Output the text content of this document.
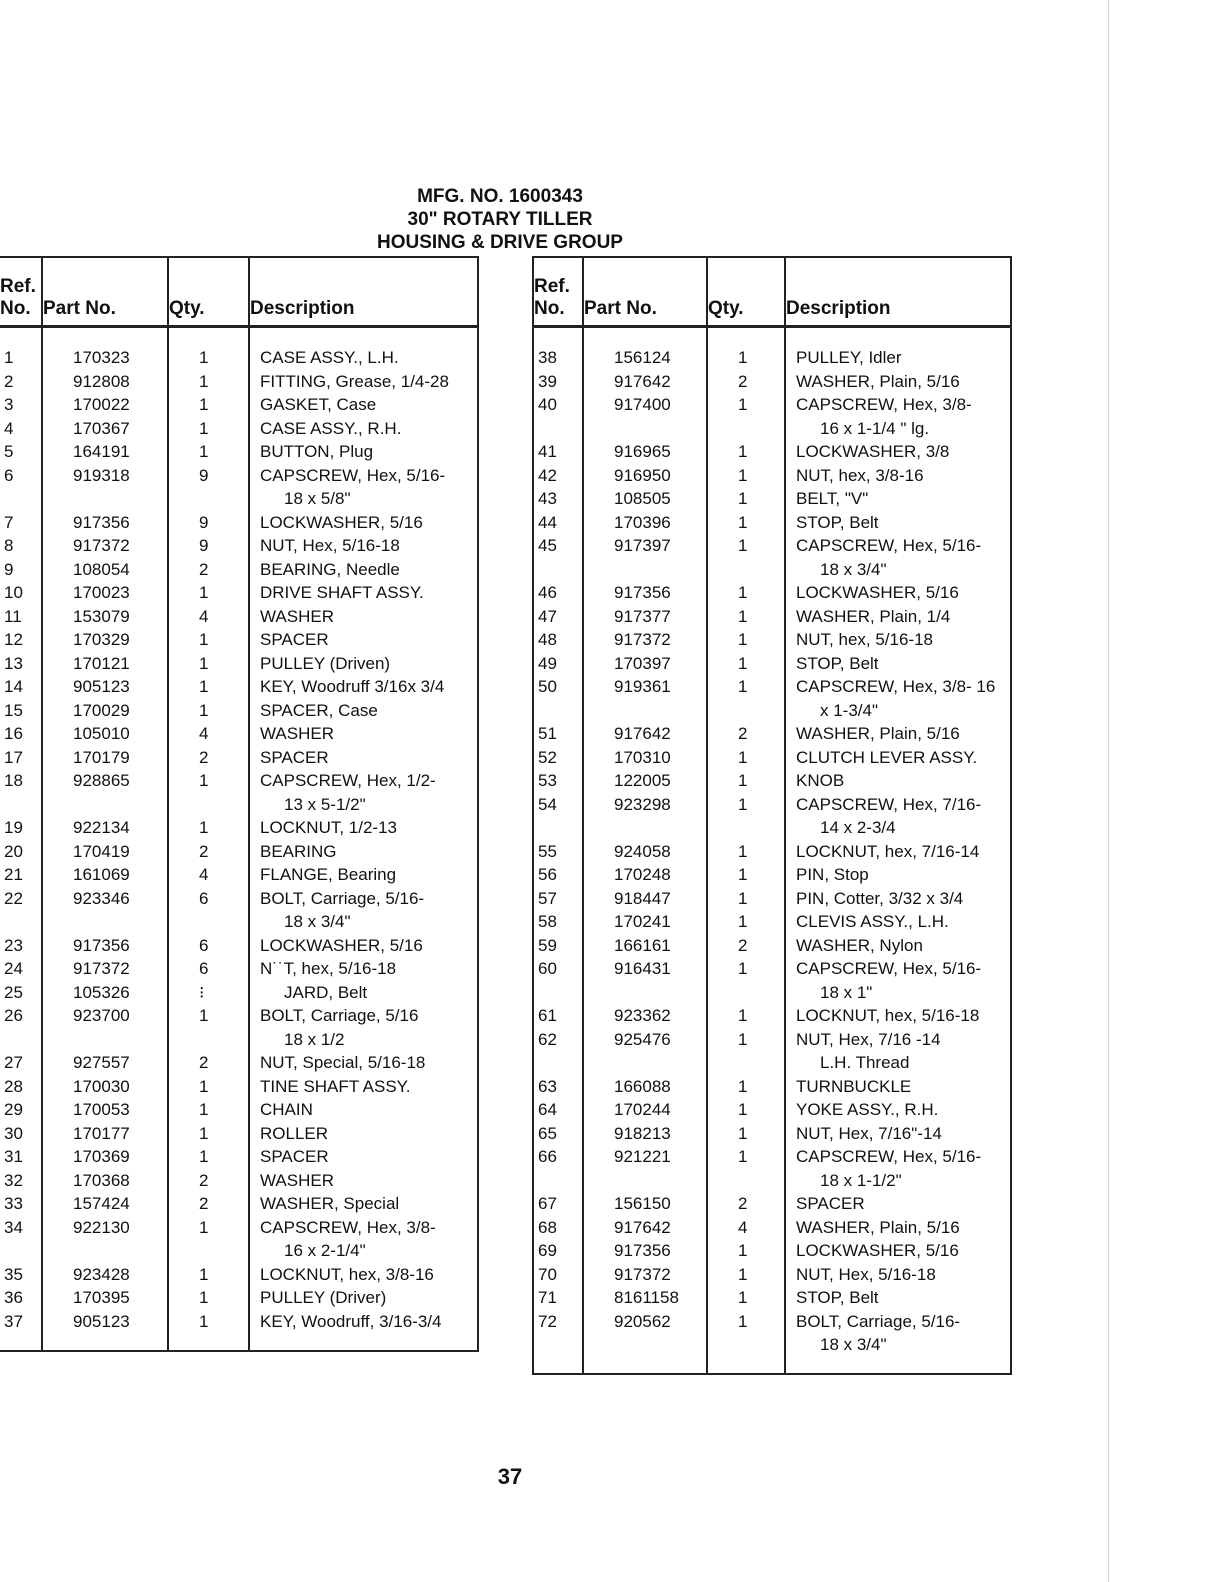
MFG. NO. 1600343
30" ROTARY TILLER
HOUSING & DRIVE GROUP
Ref. No.	Part No.	Qty.	Description
1	170323	1	CASE ASSY., L.H.
2	912808	1	FITTING, Grease, 1/4-28
3	170022	1	GASKET, Case
4	170367	1	CASE ASSY., R.H.
5	164191	1	BUTTON, Plug
6	919318	9	CAPSCREW, Hex, 5/16-
			18 x 5/8"
7	917356	9	LOCKWASHER, 5/16
8	917372	9	NUT, Hex, 5/16-18
9	108054	2	BEARING, Needle
10	170023	1	DRIVE SHAFT ASSY.
11	153079	4	WASHER
12	170329	1	SPACER
13	170121	1	PULLEY (Driven)
14	905123	1	KEY, Woodruff 3/16x 3/4
15	170029	1	SPACER, Case
16	105010	4	WASHER
17	170179	2	SPACER
18	928865	1	CAPSCREW, Hex, 1/2-
			13 x 5-1/2"
19	922134	1	LOCKNUT, 1/2-13
20	170419	2	BEARING
21	161069	4	FLANGE, Bearing
22	923346	6	BOLT, Carriage, 5/16-
			18 x 3/4"
23	917356	6	LOCKWASHER, 5/16
24	917372	6	N˙˙T, hex, 5/16-18
25	105326	⁝	JARD, Belt
26	923700	1	BOLT, Carriage, 5/16
			18 x 1/2
27	927557	2	NUT, Special, 5/16-18
28	170030	1	TINE SHAFT ASSY.
29	170053	1	CHAIN
30	170177	1	ROLLER
31	170369	1	SPACER
32	170368	2	WASHER
33	157424	2	WASHER, Special
34	922130	1	CAPSCREW, Hex, 3/8-
			16 x 2-1/4"
35	923428	1	LOCKNUT, hex, 3/8-16
36	170395	1	PULLEY (Driver)
37	905123	1	KEY, Woodruff, 3/16-3/4
Ref. No.	Part No.	Qty.	Description
38	156124	1	PULLEY, Idler
39	917642	2	WASHER, Plain, 5/16
40	917400	1	CAPSCREW, Hex, 3/8-
			16 x 1-1/4 " lg.
41	916965	1	LOCKWASHER, 3/8
42	916950	1	NUT, hex, 3/8-16
43	108505	1	BELT, "V"
44	170396	1	STOP, Belt
45	917397	1	CAPSCREW, Hex, 5/16-
			18 x 3/4"
46	917356	1	LOCKWASHER, 5/16
47	917377	1	WASHER, Plain, 1/4
48	917372	1	NUT, hex, 5/16-18
49	170397	1	STOP, Belt
50	919361	1	CAPSCREW, Hex, 3/8- 16
			x 1-3/4"
51	917642	2	WASHER, Plain, 5/16
52	170310	1	CLUTCH LEVER ASSY.
53	122005	1	KNOB
54	923298	1	CAPSCREW, Hex, 7/16-
			14 x 2-3/4
55	924058	1	LOCKNUT, hex, 7/16-14
56	170248	1	PIN, Stop
57	918447	1	PIN, Cotter, 3/32 x 3/4
58	170241	1	CLEVIS ASSY., L.H.
59	166161	2	WASHER, Nylon
60	916431	1	CAPSCREW, Hex, 5/16-
			18 x 1"
61	923362	1	LOCKNUT, hex, 5/16-18
62	925476	1	NUT, Hex, 7/16 -14
			L.H. Thread
63	166088	1	TURNBUCKLE
64	170244	1	YOKE ASSY., R.H.
65	918213	1	NUT, Hex, 7/16"-14
66	921221	1	CAPSCREW, Hex, 5/16-
			18 x 1-1/2"
67	156150	2	SPACER
68	917642	4	WASHER, Plain, 5/16
69	917356	1	LOCKWASHER, 5/16
70	917372	1	NUT, Hex, 5/16-18
71	8161158	1	STOP, Belt
72	920562	1	BOLT, Carriage, 5/16-
			18 x 3/4"
37
